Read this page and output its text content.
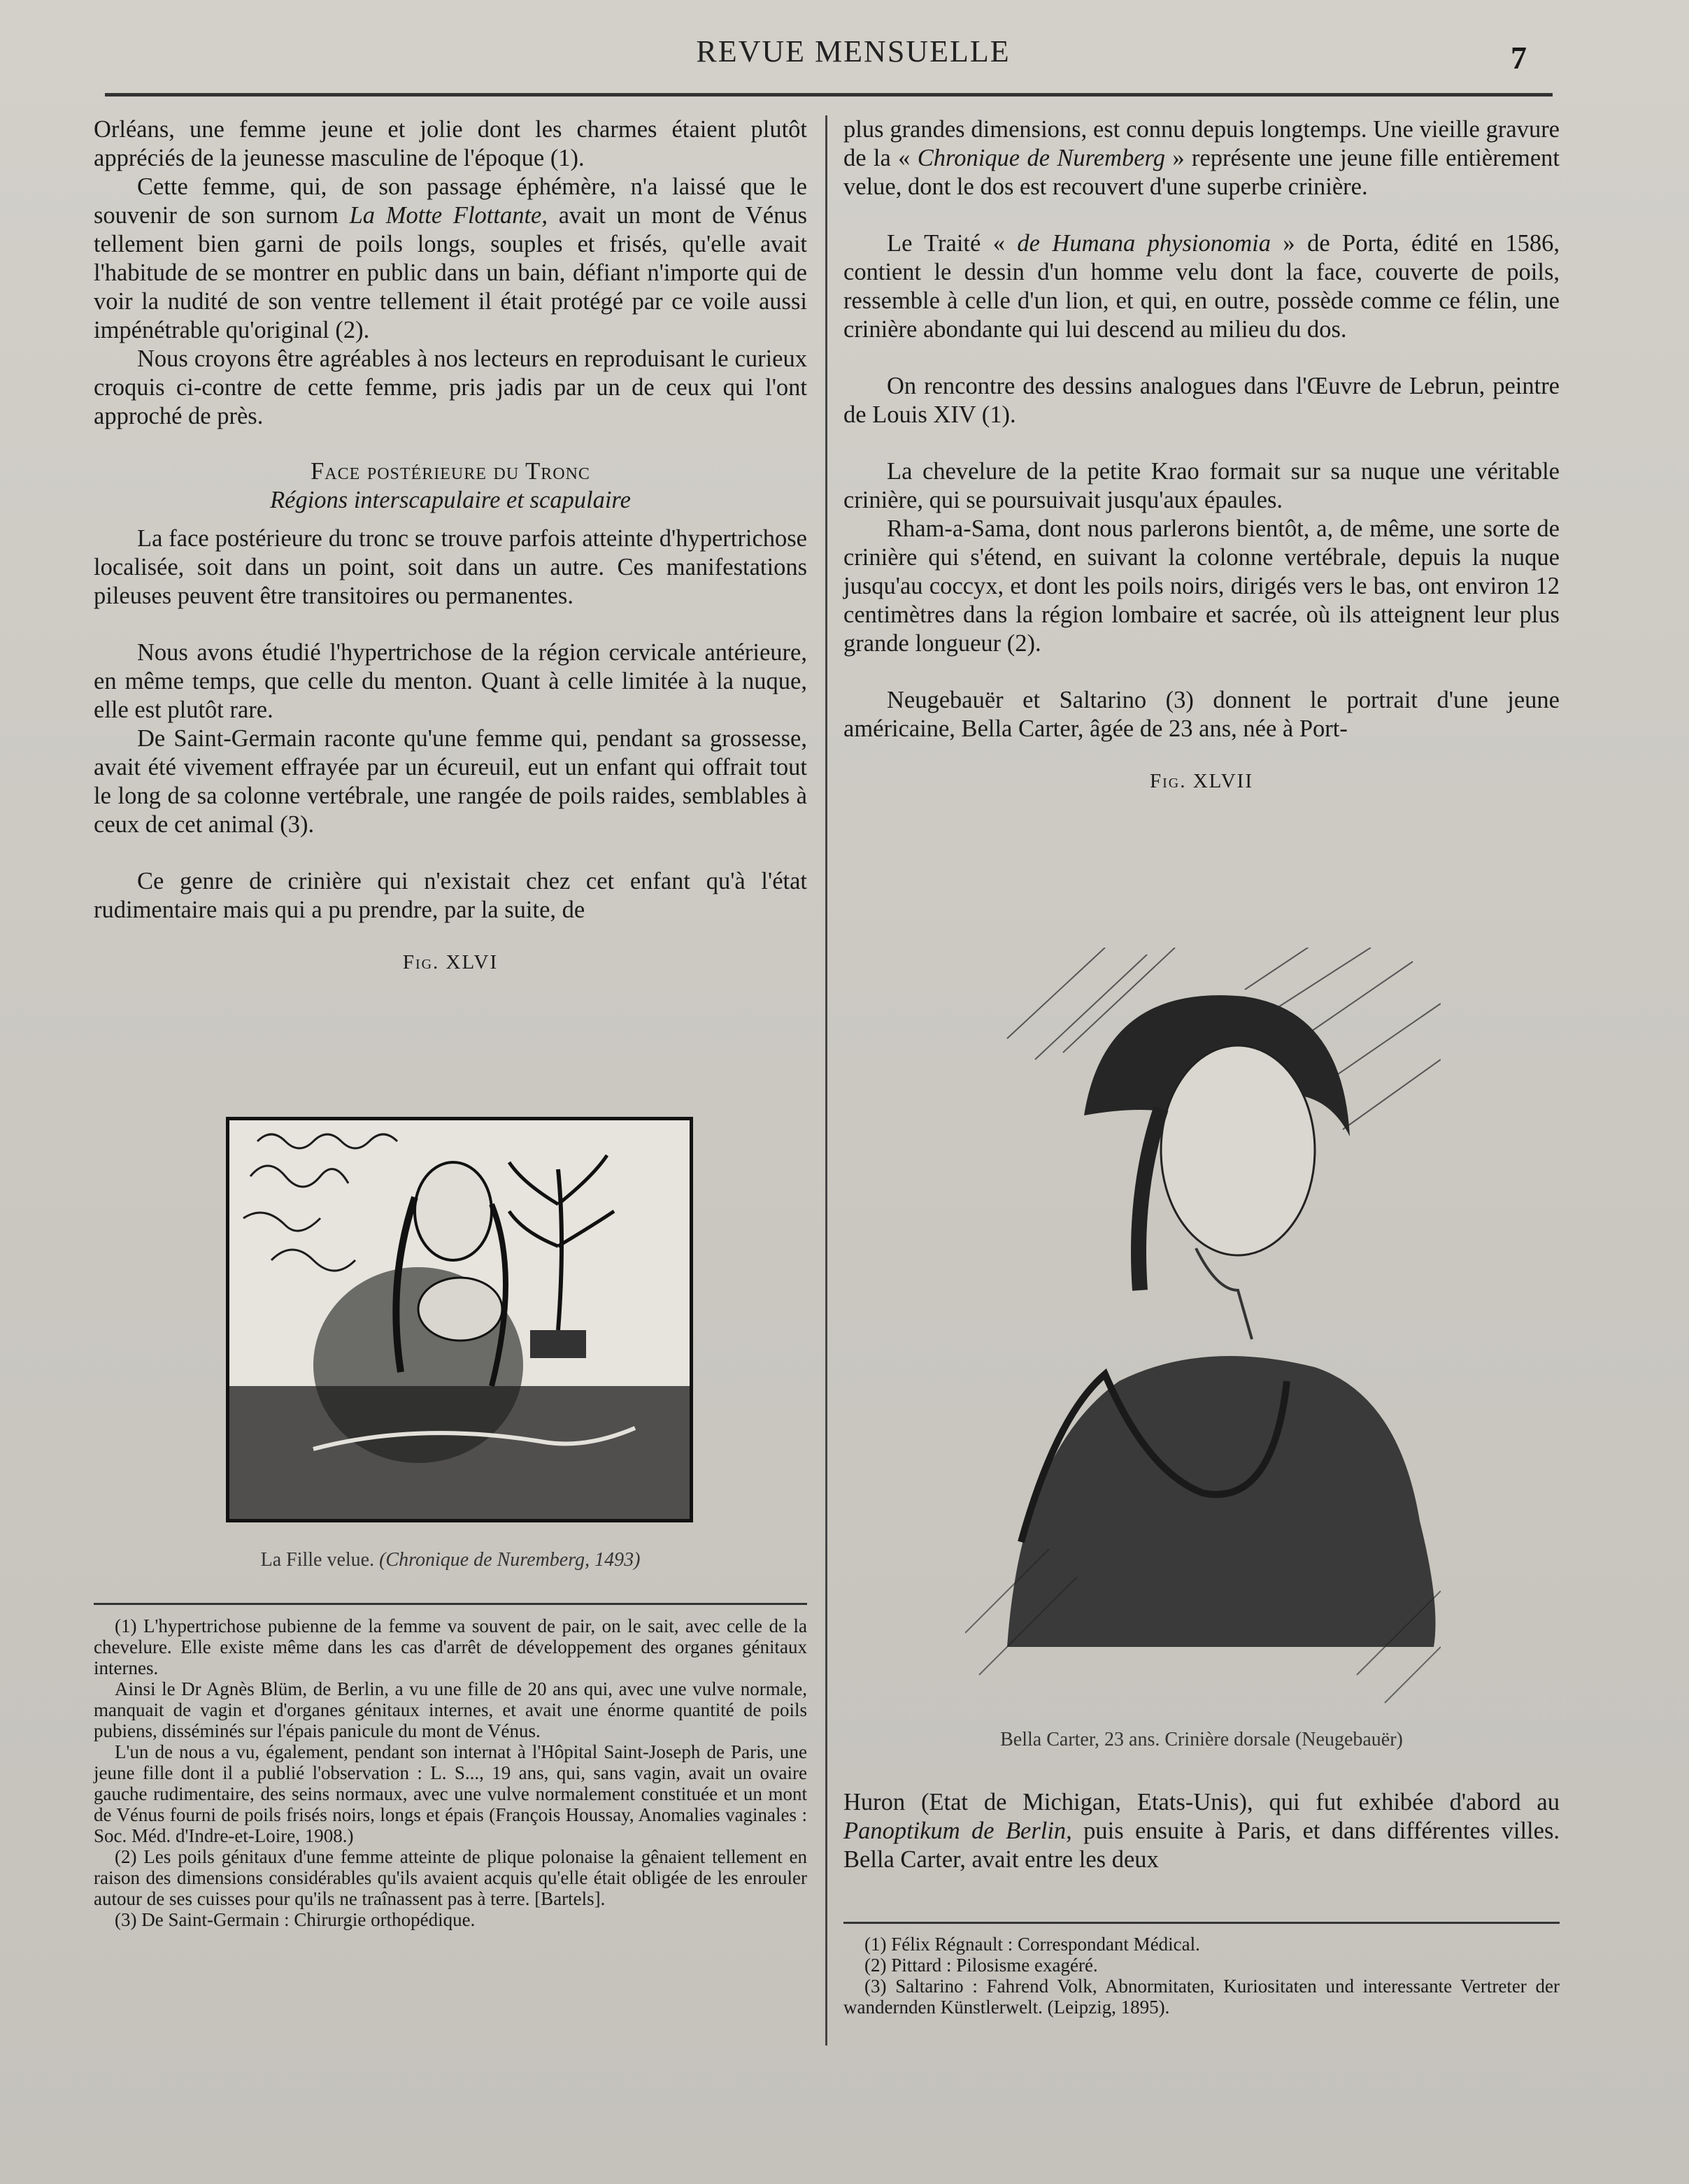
REVUE MENSUELLE	7

Orléans, une femme jeune et jolie dont les charmes étaient plutôt appréciés de la jeunesse masculine de l'époque (1).

Cette femme, qui, de son passage éphémère, n'a laissé que le souvenir de son surnom La Motte Flottante, avait un mont de Vénus tellement bien garni de poils longs, souples et frisés, qu'elle avait l'habitude de se montrer en public dans un bain, défiant n'importe qui de voir la nudité de son ventre tellement il était protégé par ce voile aussi impénétrable qu'original (2).

Nous croyons être agréables à nos lecteurs en reproduisant le curieux croquis ci-contre de cette femme, pris jadis par un de ceux qui l'ont approché de près.

Face postérieure du Tronc

Régions interscapulaire et scapulaire

La face postérieure du tronc se trouve parfois atteinte d'hypertrichose localisée, soit dans un point, soit dans un autre. Ces manifestations pileuses peuvent être transitoires ou permanentes.

Nous avons étudié l'hypertrichose de la région cervicale antérieure, en même temps, que celle du menton. Quant à celle limitée à la nuque, elle est plutôt rare.

De Saint-Germain raconte qu'une femme qui, pendant sa grossesse, avait été vivement effrayée par un écureuil, eut un enfant qui offrait tout le long de sa colonne vertébrale, une rangée de poils raides, semblables à ceux de cet animal (3).

Ce genre de crinière qui n'existait chez cet enfant qu'à l'état rudimentaire mais qui a pu prendre, par la suite, de

Fig. XLVI

La Fille velue. (Chronique de Nuremberg, 1493)

(1) L'hypertrichose pubienne de la femme va souvent de pair, on le sait, avec celle de la chevelure. Elle existe même dans les cas d'arrêt de développement des organes génitaux internes.

Ainsi le Dr Agnès Blüm, de Berlin, a vu une fille de 20 ans qui, avec une vulve normale, manquait de vagin et d'organes génitaux internes, et avait une énorme quantité de poils pubiens, disséminés sur l'épais panicule du mont de Vénus.

L'un de nous a vu, également, pendant son internat à l'Hôpital Saint-Joseph de Paris, une jeune fille dont il a publié l'observation : L. S..., 19 ans, qui, sans vagin, avait un ovaire gauche rudimentaire, des seins normaux, avec une vulve normalement constituée et un mont de Vénus fourni de poils frisés noirs, longs et épais (François Houssay, Anomalies vaginales : Soc. Méd. d'Indre-et-Loire, 1908.)

(2) Les poils génitaux d'une femme atteinte de plique polonaise la gênaient tellement en raison des dimensions considérables qu'ils avaient acquis qu'elle était obligée de les enrouler autour de ses cuisses pour qu'ils ne traînassent pas à terre. [Bartels].

(3) De Saint-Germain : Chirurgie orthopédique.

plus grandes dimensions, est connu depuis longtemps. Une vieille gravure de la « Chronique de Nuremberg » représente une jeune fille entièrement velue, dont le dos est recouvert d'une superbe crinière.

Le Traité « de Humana physionomia » de Porta, édité en 1586, contient le dessin d'un homme velu dont la face, couverte de poils, ressemble à celle d'un lion, et qui, en outre, possède comme ce félin, une crinière abondante qui lui descend au milieu du dos.

On rencontre des dessins analogues dans l'Œuvre de Lebrun, peintre de Louis XIV (1).

La chevelure de la petite Krao formait sur sa nuque une véritable crinière, qui se poursuivait jusqu'aux épaules.

Rham-a-Sama, dont nous parlerons bientôt, a, de même, une sorte de crinière qui s'étend, en suivant la colonne vertébrale, depuis la nuque jusqu'au coccyx, et dont les poils noirs, dirigés vers le bas, ont environ 12 centimètres dans la région lombaire et sacrée, où ils atteignent leur plus grande longueur (2).

Neugebauër et Saltarino (3) donnent le portrait d'une jeune américaine, Bella Carter, âgée de 23 ans, née à Port-

Fig. XLVII

Bella Carter, 23 ans. Crinière dorsale (Neugebauër)

Huron (Etat de Michigan, Etats-Unis), qui fut exhibée d'abord au Panoptikum de Berlin, puis ensuite à Paris, et dans différentes villes. Bella Carter, avait entre les deux

(1) Félix Régnault : Correspondant Médical.

(2) Pittard : Pilosisme exagéré.

(3) Saltarino : Fahrend Volk, Abnormitaten, Kuriositaten und interessante Vertreter der wandernden Künstlerwelt. (Leipzig, 1895).
